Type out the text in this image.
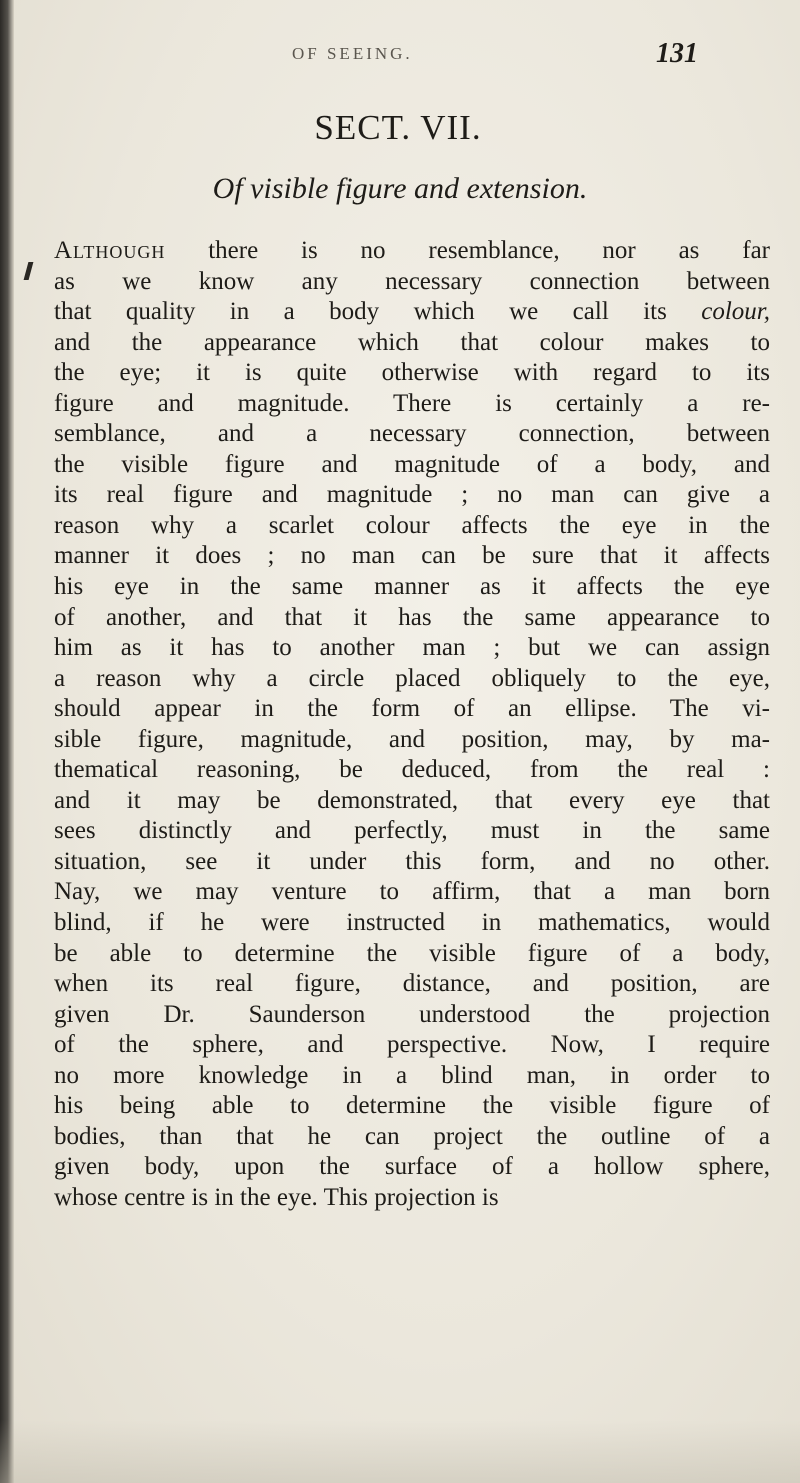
OF SEEING.	131
SECT. VII.
Of visible figure and extension.
Although there is no resemblance, nor as far
as we know any necessary connection between
that quality in a body which we call its colour,
and the appearance which that colour makes to
the eye; it is quite otherwise with regard to its
figure and magnitude. There is certainly a re-
semblance, and a necessary connection, between
the visible figure and magnitude of a body, and
its real figure and magnitude ; no man can give a
reason why a scarlet colour affects the eye in the
manner it does ; no man can be sure that it affects
his eye in the same manner as it affects the eye
of another, and that it has the same appearance to
him as it has to another man ; but we can assign
a reason why a circle placed obliquely to the eye,
should appear in the form of an ellipse. The vi-
sible figure, magnitude, and position, may, by ma-
thematical reasoning, be deduced, from the real :
and it may be demonstrated, that every eye that
sees distinctly and perfectly, must in the same
situation, see it under this form, and no other.
Nay, we may venture to affirm, that a man born
blind, if he were instructed in mathematics, would
be able to determine the visible figure of a body,
when its real figure, distance, and position, are
given Dr. Saunderson understood the projection
of the sphere, and perspective. Now, I require
no more knowledge in a blind man, in order to
his being able to determine the visible figure of
bodies, than that he can project the outline of a
given body, upon the surface of a hollow sphere,
whose centre is in the eye. This projection is
